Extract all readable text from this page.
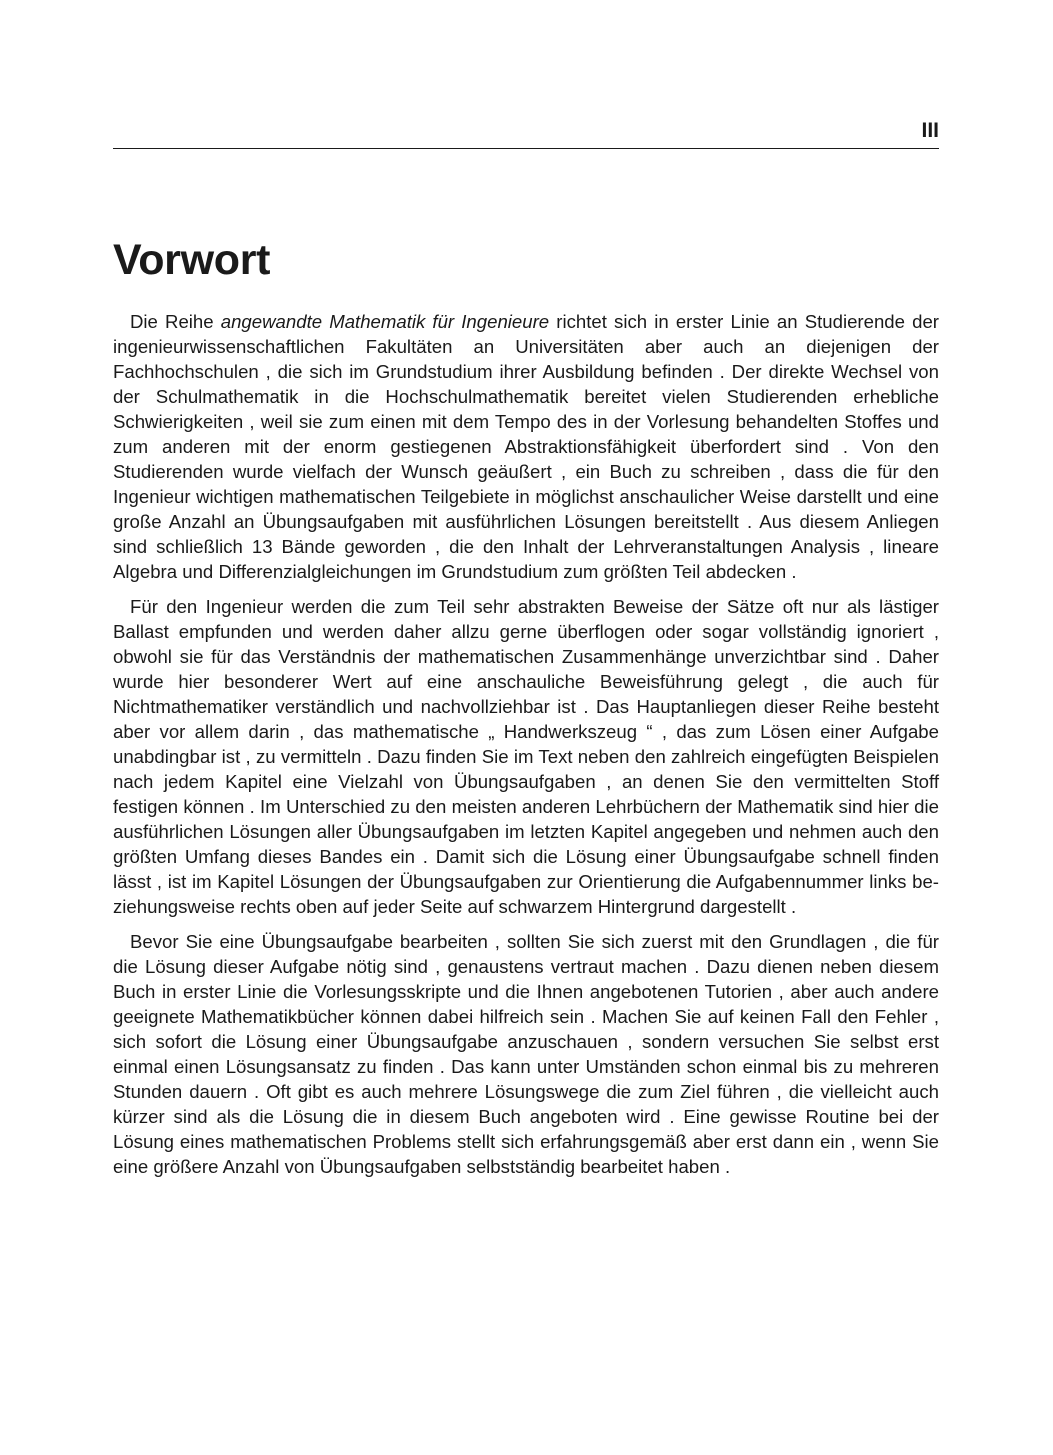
III
Vorwort

Die Reihe angewandte Mathematik für Ingenieure richtet sich in erster Linie an Studierende der ingenieurwissenschaftlichen Fakultäten an Universitäten aber auch an diejenigen der Fachhochschulen , die sich im Grundstudium ihrer Ausbildung befinden . Der direkte Wechsel von der Schulmathematik in die Hochschulmathematik bereitet vielen Studierenden erhebliche Schwierigkeiten , weil sie zum einen mit dem Tempo des in der Vorlesung behandelten Stoffes und zum anderen mit der enorm gestiegenen Abstraktionsfähigkeit überfordert sind . Von den Studierenden wurde vielfach der Wunsch geäußert , ein Buch zu schreiben , dass die für den Ingenieur wichtigen mathematischen Teilgebiete in möglichst anschaulicher Weise darstellt und eine große Anzahl an Übungsaufgaben mit ausführlichen Lösungen bereitstellt . Aus diesem Anliegen sind schließlich 13 Bände geworden , die den Inhalt der Lehrveranstaltungen Analysis , lineare Algebra und Differenzialgleichungen im Grundstudium zum größten Teil abdecken .

Für den Ingenieur werden die zum Teil sehr abstrakten Beweise der Sätze oft nur als lästiger Ballast empfunden und werden daher allzu gerne überflogen oder sogar vollständig ignoriert , obwohl sie für das Verständnis der mathematischen Zusammenhänge unverzichtbar sind . Daher wurde hier besonderer Wert auf eine anschauliche Beweisführung gelegt , die auch für Nichtmathematiker verständlich und nachvollziehbar ist . Das Hauptanliegen dieser Reihe besteht aber vor allem darin , das mathematische „ Handwerkszeug “ , das zum Lösen einer Aufgabe unabdingbar ist , zu vermitteln . Dazu finden Sie im Text neben den zahlreich eingefügten Beispielen nach jedem Kapitel eine Vielzahl von Übungsaufgaben , an denen Sie den vermittelten Stoff festigen können . Im Unterschied zu den meisten anderen Lehrbüchern der Mathematik sind hier die ausführlichen Lösungen aller Übungsaufgaben im letzten Kapitel angegeben und nehmen auch den größten Umfang dieses Bandes ein . Damit sich die Lösung einer Übungsaufgabe schnell finden lässt , ist im Kapitel Lösungen der Übungsaufgaben zur Orientierung die Aufgabennummer links beziehungsweise rechts oben auf jeder Seite auf schwarzem Hintergrund dargestellt .

Bevor Sie eine Übungsaufgabe bearbeiten , sollten Sie sich zuerst mit den Grundlagen , die für die Lösung dieser Aufgabe nötig sind , genaustens vertraut machen . Dazu dienen neben diesem Buch in erster Linie die Vorlesungsskripte und die Ihnen angebotenen Tutorien , aber auch andere geeignete Mathematikbücher können dabei hilfreich sein . Machen Sie auf keinen Fall den Fehler , sich sofort die Lösung einer Übungsaufgabe anzuschauen , sondern versuchen Sie selbst erst einmal einen Lösungsansatz zu finden . Das kann unter Umständen schon einmal bis zu mehreren Stunden dauern . Oft gibt es auch mehrere Lösungswege die zum Ziel führen , die vielleicht auch kürzer sind als die Lösung die in diesem Buch angeboten wird . Eine gewisse Routine bei der Lösung eines mathematischen Problems stellt sich erfahrungsgemäß aber erst dann ein , wenn Sie eine größere Anzahl von Übungsaufgaben selbstständig bearbeitet haben .
